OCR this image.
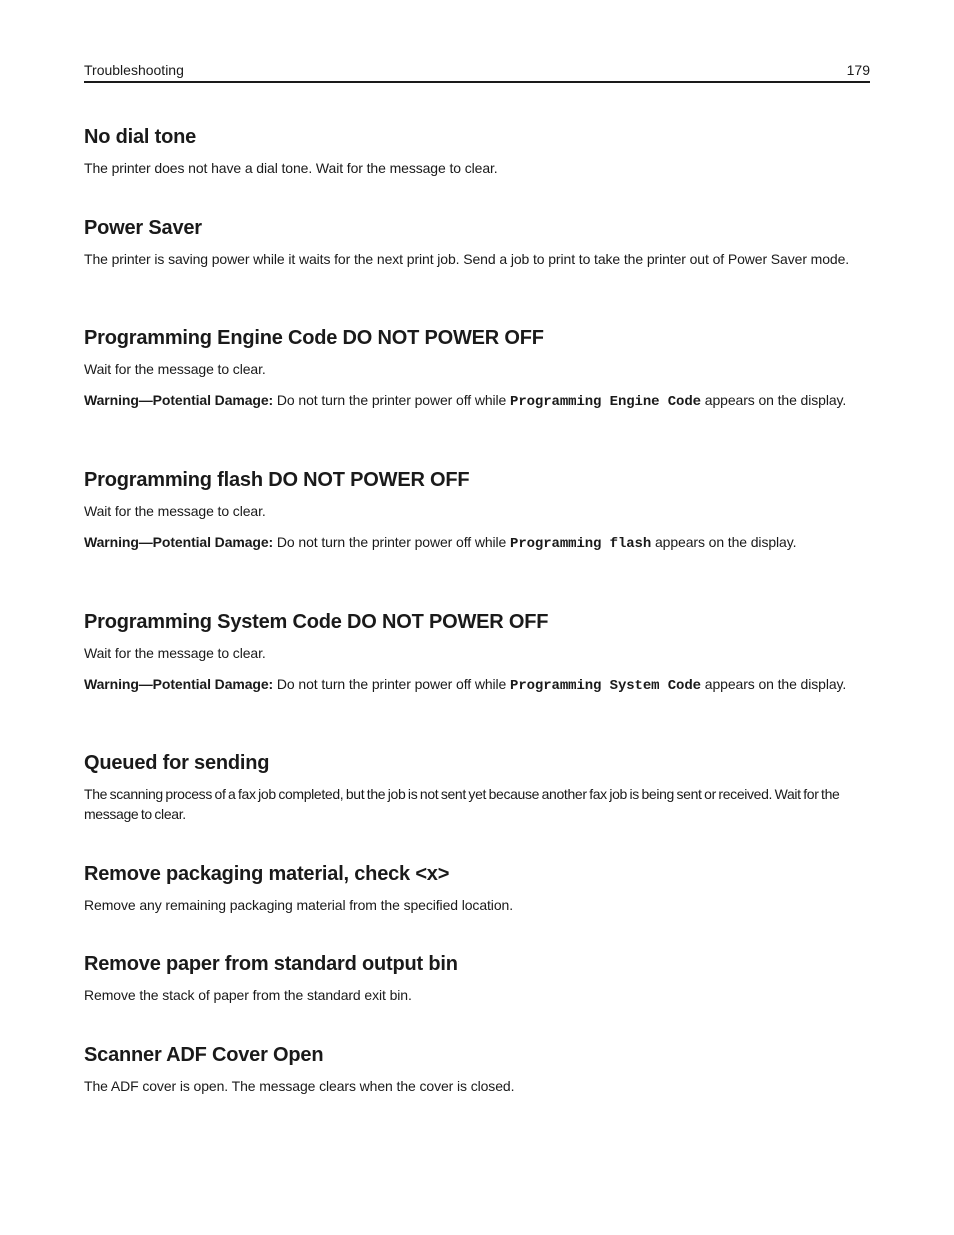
Troubleshooting	179
No dial tone

The printer does not have a dial tone. Wait for the message to clear.

Power Saver

The printer is saving power while it waits for the next print job. Send a job to print to take the printer out of Power Saver mode.

Programming Engine Code DO NOT POWER OFF

Wait for the message to clear.

Warning—Potential Damage: Do not turn the printer power off while Programming Engine Code appears on the display.

Programming flash DO NOT POWER OFF

Wait for the message to clear.

Warning—Potential Damage: Do not turn the printer power off while Programming flash appears on the display.

Programming System Code DO NOT POWER OFF

Wait for the message to clear.

Warning—Potential Damage: Do not turn the printer power off while Programming System Code appears on the display.

Queued for sending

The scanning process of a fax job completed, but the job is not sent yet because another fax job is being sent or received. Wait for the message to clear.

Remove packaging material, check <x>

Remove any remaining packaging material from the specified location.

Remove paper from standard output bin

Remove the stack of paper from the standard exit bin.

Scanner ADF Cover Open

The ADF cover is open. The message clears when the cover is closed.
